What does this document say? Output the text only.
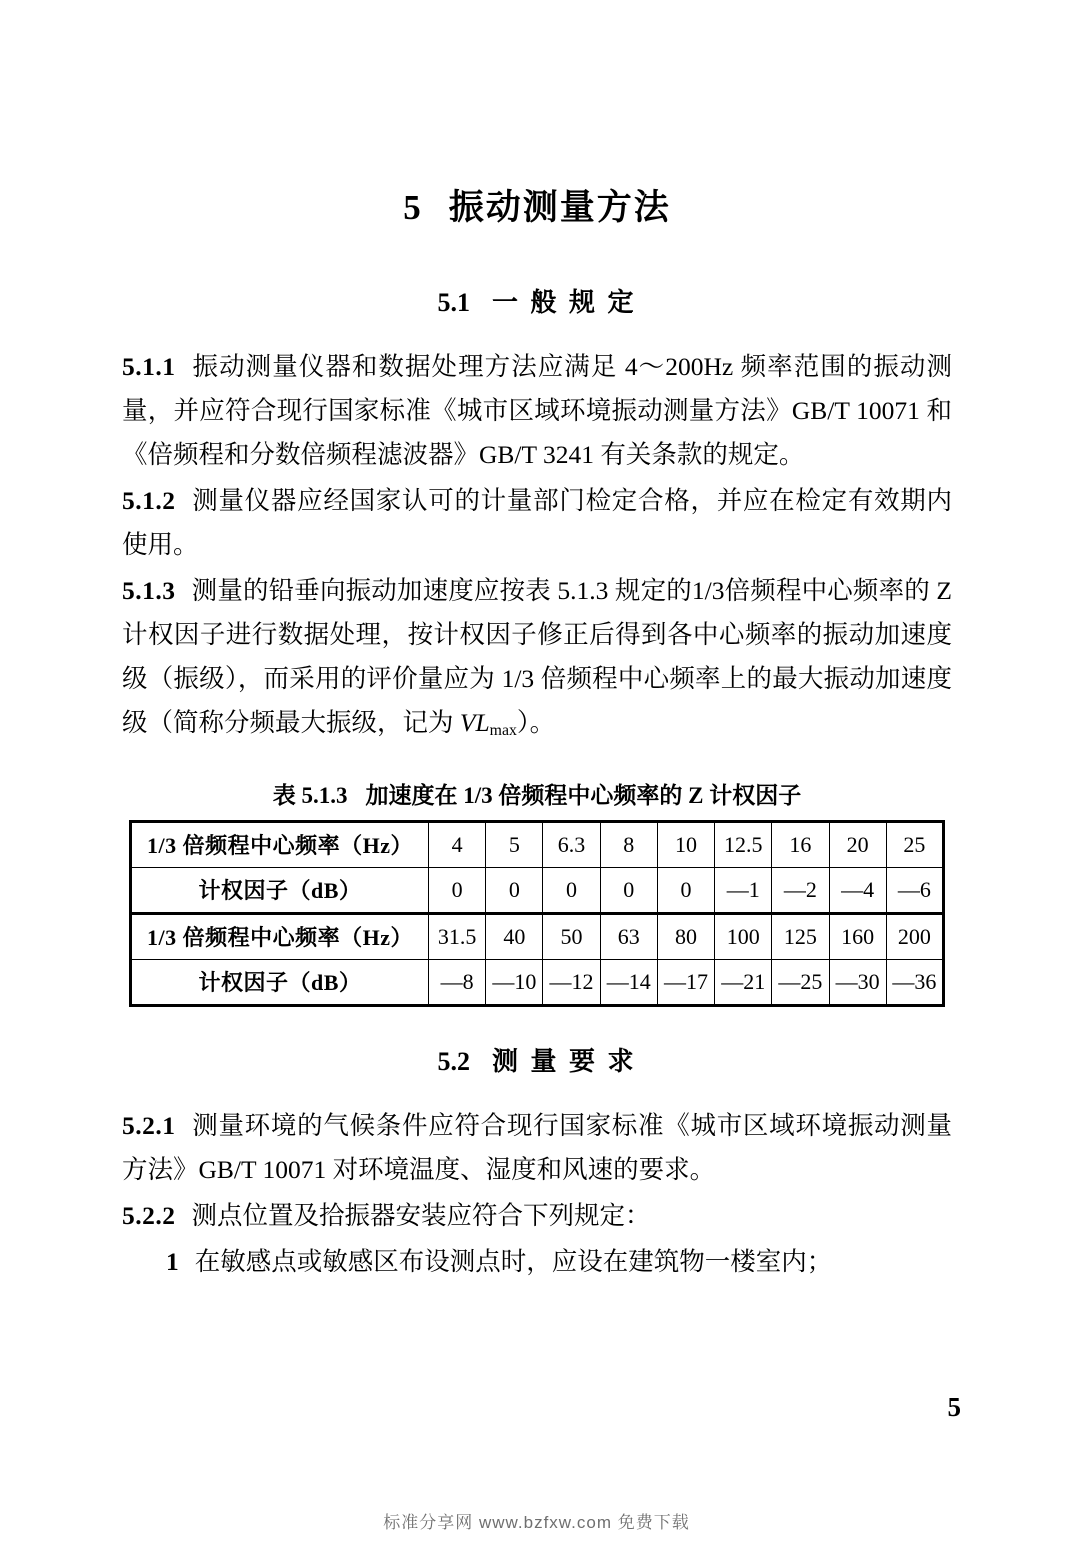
5 振动测量方法
5.1 一 般 规 定

5.1.1 振动测量仪器和数据处理方法应满足 4～200Hz 频率范围的振动测量，并应符合现行国家标准《城市区域环境振动测量方法》GB/T 10071 和《倍频程和分数倍频程滤波器》GB/T 3241 有关条款的规定。

5.1.2 测量仪器应经国家认可的计量部门检定合格，并应在检定有效期内使用。

5.1.3 测量的铅垂向振动加速度应按表 5.1.3 规定的1/3倍频程中心频率的 Z 计权因子进行数据处理，按计权因子修正后得到各中心频率的振动加速度级（振级），而采用的评价量应为 1/3 倍频程中心频率上的最大振动加速度级（简称分频最大振级，记为 $VL_{max}$）。

表 5.1.3 加速度在 1/3 倍频程中心频率的 Z 计权因子
1/3 倍频程中心频率（Hz）	4	5	6.3	8	10	12.5	16	20	25
计权因子（dB）	0	0	0	0	0	—1	—2	—4	—6
1/3 倍频程中心频率（Hz）	31.5	40	50	63	80	100	125	160	200
计权因子（dB）	—8	—10	—12	—14	—17	—21	—25	—30	—36
5.2 测 量 要 求

5.2.1 测量环境的气候条件应符合现行国家标准《城市区域环境振动测量方法》GB/T 10071 对环境温度、湿度和风速的要求。

5.2.2 测点位置及拾振器安装应符合下列规定：

1 在敏感点或敏感区布设测点时，应设在建筑物一楼室内；

5
标准分享网 www.bzfxw.com 免费下载
